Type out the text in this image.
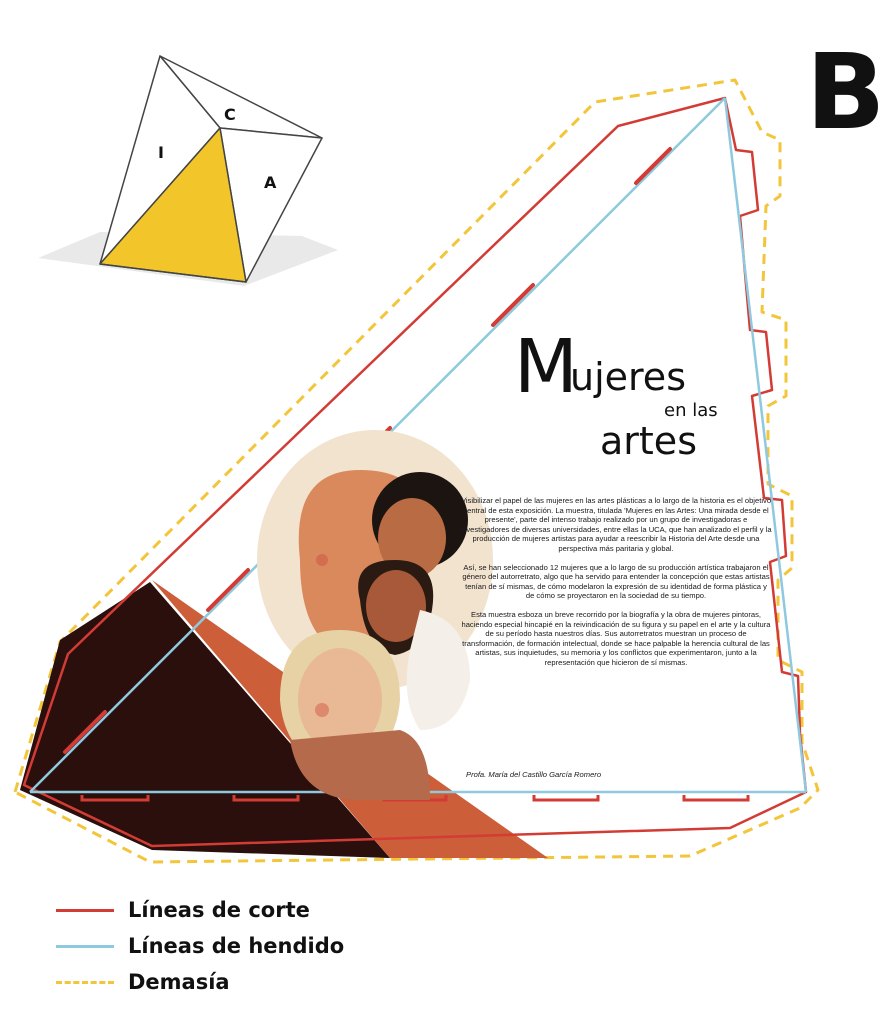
I
C
A
B
M
ujeres
en las
artes

Visibilizar el papel de las mujeres en las artes plásticas a lo largo de la historia es el objetivo central de esta exposición. La muestra, titulada 'Mujeres en las Artes: Una mirada desde el presente', parte del intenso trabajo realizado por un grupo de investigadoras e investigadores de diversas universidades, entre ellas la UCA, que han analizado el perfil y la producción de mujeres artistas para ayudar a reescribir la Historia del Arte desde una perspectiva más paritaria y global.

Así, se han seleccionado 12 mujeres que a lo largo de su producción artística trabajaron el género del autorretrato, algo que ha servido para entender la concepción que estas artistas tenían de sí mismas, de cómo modelaron la expresión de su identidad de forma plástica y de cómo se proyectaron en la sociedad de su tiempo.

Esta muestra esboza un breve recorrido por la biografía y la obra de mujeres pintoras, haciendo especial hincapié en la reivindicación de su figura y su papel en el arte y la cultura de su período hasta nuestros días. Sus autorretratos muestran un proceso de transformación, de formación intelectual, donde se hace palpable la herencia cultural de las artistas, sus inquietudes, su memoria y los conflictos que experimentaron, junto a la representación que hicieron de sí mismas.

Profa. María del Castillo García Romero
Líneas de corte
Líneas de hendido
Demasía
